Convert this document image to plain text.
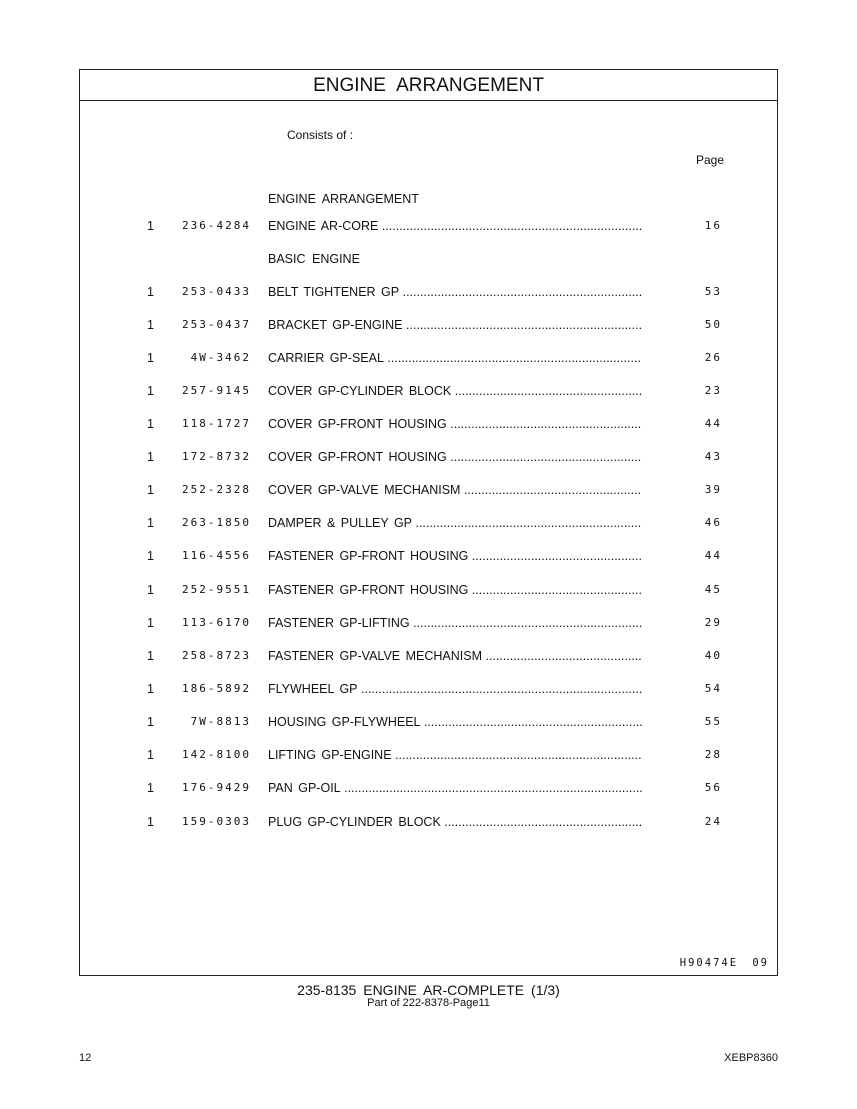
ENGINE ARRANGEMENT
Consists of :
Page
ENGINE ARRANGEMENT
1	236-4284 ENGINE AR-CORE .....	16
BASIC ENGINE
1	253-0433 BELT TIGHTENER GP .....	53
1	253-0437 BRACKET GP-ENGINE .....	50
1	4W-3462 CARRIER GP-SEAL .....	26
1	257-9145 COVER GP-CYLINDER BLOCK .....	23
1	118-1727 COVER GP-FRONT HOUSING .....	44
1	172-8732 COVER GP-FRONT HOUSING .....	43
1	252-2328 COVER GP-VALVE MECHANISM .....	39
1	263-1850 DAMPER & PULLEY GP .....	46
1	116-4556 FASTENER GP-FRONT HOUSING .....	44
1	252-9551 FASTENER GP-FRONT HOUSING .....	45
1	113-6170 FASTENER GP-LIFTING .....	29
1	258-8723 FASTENER GP-VALVE MECHANISM .....	40
1	186-5892 FLYWHEEL GP .....	54
1	7W-8813 HOUSING GP-FLYWHEEL .....	55
1	142-8100 LIFTING GP-ENGINE .....	28
1	176-9429 PAN GP-OIL .....	56
1	159-0303 PLUG GP-CYLINDER BLOCK .....	24
H90474E 09
235-8135 ENGINE AR-COMPLETE (1/3)
Part of 222-8378-Page11
12	XEBP8360
